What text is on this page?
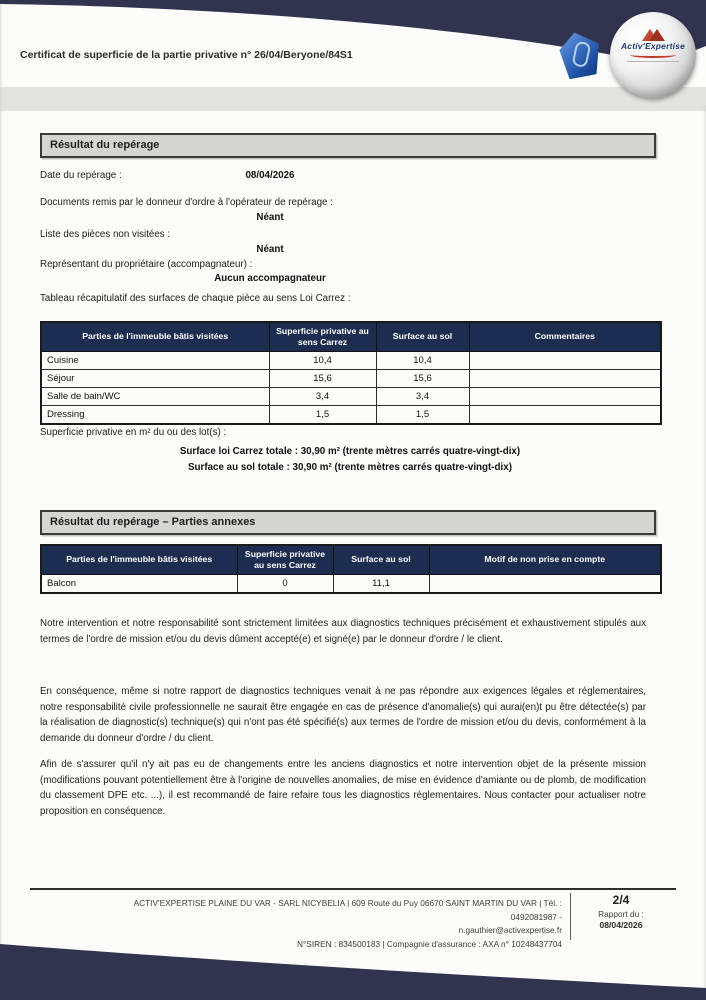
Activ'Expertise
Certificat de superficie de la partie privative n° 26/04/Beryone/84S1
Résultat du repérage
Date du repérage :	08/04/2026
Documents remis par le donneur d'ordre à l'opérateur de repérage :
Néant
Liste des pièces non visitées :
Néant
Représentant du propriétaire (accompagnateur) :
Aucun accompagnateur
Tableau récapitulatif des surfaces de chaque pièce au sens Loi Carrez :
Parties de l'immeuble bâtis visitées	Superficie privative au sens Carrez	Surface au sol	Commentaires
Cuisine	10,4	10,4	
Séjour	15,6	15,6	
Salle de bain/WC	3,4	3,4	
Dressing	1,5	1,5	
Superficie privative en m² du ou des lot(s) :
Surface loi Carrez totale : 30,90 m² (trente mètres carrés quatre-vingt-dix)
Surface au sol totale : 30,90 m² (trente mètres carrés quatre-vingt-dix)
Résultat du repérage – Parties annexes
Parties de l'immeuble bâtis visitées	Superficie privative au sens Carrez	Surface au sol	Motif de non prise en compte
Balcon	0	11,1	
Notre intervention et notre responsabilité sont strictement limitées aux diagnostics techniques précisément et exhaustivement stipulés aux termes de l'ordre de mission et/ou du devis dûment accepté(e) et signé(e) par le donneur d'ordre / le client.
En conséquence, même si notre rapport de diagnostics techniques venait à ne pas répondre aux exigences légales et réglementaires, notre responsabilité civile professionnelle ne saurait être engagée en cas de présence d'anomalie(s) qui aurai(en)t pu être détectée(s) par la réalisation de diagnostic(s) technique(s) qui n'ont pas été spécifié(s) aux termes de l'ordre de mission et/ou du devis, conformément à la demande du donneur d'ordre / du client.
Afin de s'assurer qu'il n'y ait pas eu de changements entre les anciens diagnostics et notre intervention objet de la présente mission (modifications pouvant potentiellement être à l'origine de nouvelles anomalies, de mise en évidence d'amiante ou de plomb, de modification du classement DPE etc. ...), il est recommandé de faire refaire tous les diagnostics réglementaires. Nous contacter pour actualiser notre proposition en conséquence.
ACTIV'EXPERTISE PLAINE DU VAR - SARL NICYBELIA | 609 Route du Puy 06670 SAINT MARTIN DU VAR | Tél. : 0492081987 -
n.gauthier@activexpertise.fr
N°SIREN : 834500183 | Compagnie d'assurance : AXA n° 10248437704
2/4
Rapport du :
08/04/2026
